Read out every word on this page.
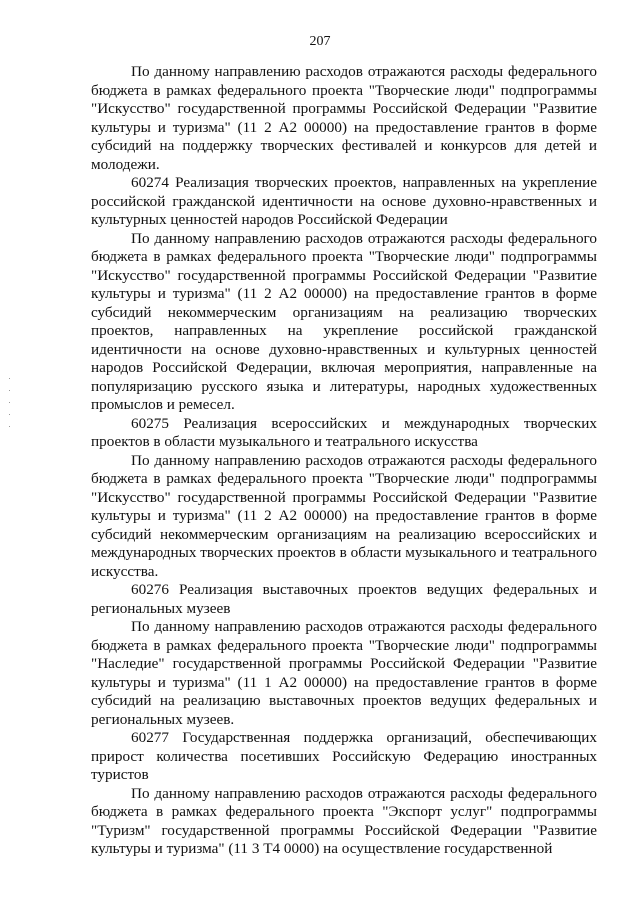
207

По данному направлению расходов отражаются расходы федерального бюджета в рамках федерального проекта "Творческие люди" подпрограммы "Искусство" государственной программы Российской Федерации "Развитие культуры и туризма" (11 2 А2 00000) на предоставление грантов в форме субсидий на поддержку творческих фестивалей и конкурсов для детей и молодежи.

60274 Реализация творческих проектов, направленных на укрепление российской гражданской идентичности на основе духовно-нравственных и культурных ценностей народов Российской Федерации

По данному направлению расходов отражаются расходы федерального бюджета в рамках федерального проекта "Творческие люди" подпрограммы "Искусство" государственной программы Российской Федерации "Развитие культуры и туризма" (11 2 А2 00000) на предоставление грантов в форме субсидий некоммерческим организациям на реализацию творческих проектов, направленных на укрепление российской гражданской идентичности на основе духовно-нравственных и культурных ценностей народов Российской Федерации, включая мероприятия, направленные на популяризацию русского языка и литературы, народных художественных промыслов и ремесел.

60275 Реализация всероссийских и международных творческих проектов в области музыкального и театрального искусства

По данному направлению расходов отражаются расходы федерального бюджета в рамках федерального проекта "Творческие люди" подпрограммы "Искусство" государственной программы Российской Федерации "Развитие культуры и туризма" (11 2 А2 00000) на предоставление грантов в форме субсидий некоммерческим организациям на реализацию всероссийских и международных творческих проектов в области музыкального и театрального искусства.

60276 Реализация выставочных проектов ведущих федеральных и региональных музеев

По данному направлению расходов отражаются расходы федерального бюджета в рамках федерального проекта "Творческие люди" подпрограммы "Наследие" государственной программы Российской Федерации "Развитие культуры и туризма" (11 1 А2 00000) на предоставление грантов в форме субсидий на реализацию выставочных проектов ведущих федеральных и региональных музеев.

60277 Государственная поддержка организаций, обеспечивающих прирост количества посетивших Российскую Федерацию иностранных туристов

По данному направлению расходов отражаются расходы федерального бюджета в рамках федерального проекта "Экспорт услуг" подпрограммы "Туризм" государственной программы Российской Федерации "Развитие культуры и туризма" (11 3 Т4 0000) на осуществление государственной
